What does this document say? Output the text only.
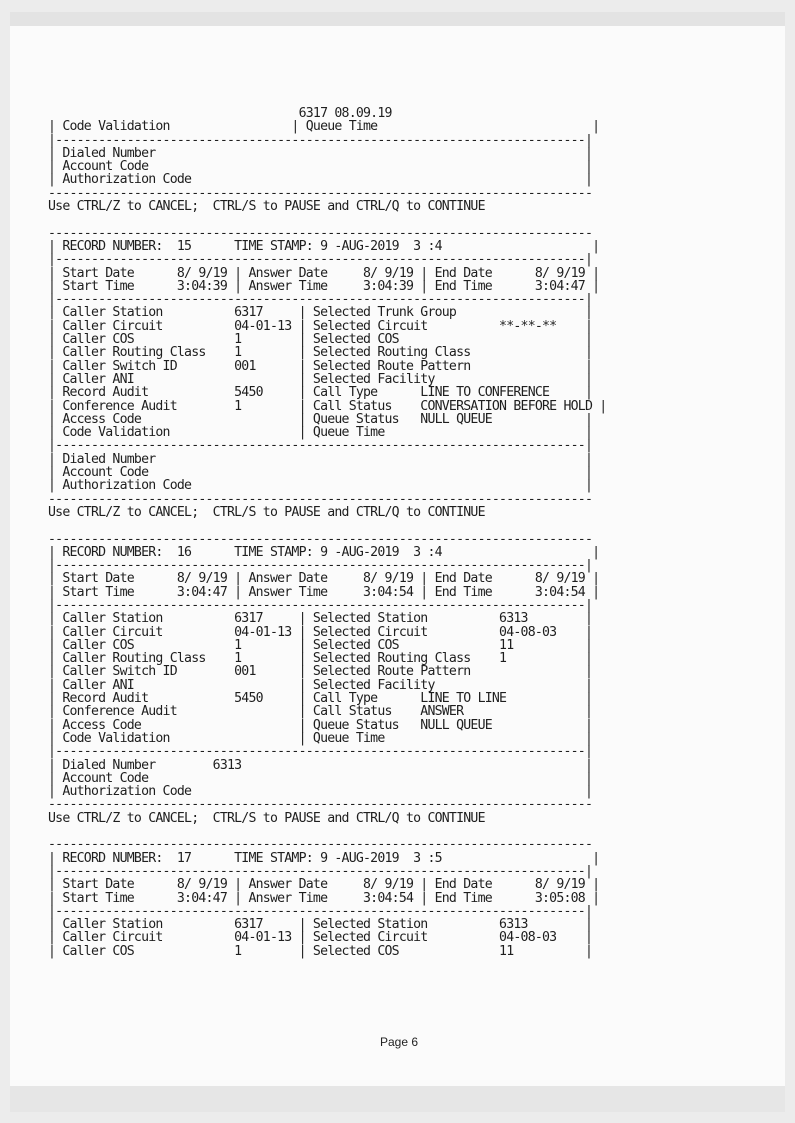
6317 08.09.19
| Code Validation                 | Queue Time                              |
|--------------------------------------------------------------------------|
| Dialed Number                                                            |
| Account Code                                                             |
| Authorization Code                                                       |
----------------------------------------------------------------------------
Use CTRL/Z to CANCEL;  CTRL/S to PAUSE and CTRL/Q to CONTINUE
----------------------------------------------------------------------------
| RECORD NUMBER:  15      TIME STAMP: 9 -AUG-2019  3 :4                     |
|--------------------------------------------------------------------------|
| Start Date      8/ 9/19 | Answer Date     8/ 9/19 | End Date      8/ 9/19 |
| Start Time      3:04:39 | Answer Time     3:04:39 | End Time      3:04:47 |
|--------------------------------------------------------------------------|
| Caller Station          6317     | Selected Trunk Group                  |
| Caller Circuit          04-01-13 | Selected Circuit          **-**-**    |
| Caller COS              1        | Selected COS                          |
| Caller Routing Class    1        | Selected Routing Class                |
| Caller Switch ID        001      | Selected Route Pattern                |
| Caller ANI                       | Selected Facility                     |
| Record Audit            5450     | Call Type      LINE TO CONFERENCE     |
| Conference Audit        1        | Call Status    CONVERSATION BEFORE HOLD |
| Access Code                      | Queue Status   NULL QUEUE             |
| Code Validation                  | Queue Time                            |
|--------------------------------------------------------------------------|
| Dialed Number                                                            |
| Account Code                                                             |
| Authorization Code                                                       |
----------------------------------------------------------------------------
Use CTRL/Z to CANCEL;  CTRL/S to PAUSE and CTRL/Q to CONTINUE
----------------------------------------------------------------------------
| RECORD NUMBER:  16      TIME STAMP: 9 -AUG-2019  3 :4                     |
|--------------------------------------------------------------------------|
| Start Date      8/ 9/19 | Answer Date     8/ 9/19 | End Date      8/ 9/19 |
| Start Time      3:04:47 | Answer Time     3:04:54 | End Time      3:04:54 |
|--------------------------------------------------------------------------|
| Caller Station          6317     | Selected Station          6313        |
| Caller Circuit          04-01-13 | Selected Circuit          04-08-03    |
| Caller COS              1        | Selected COS              11          |
| Caller Routing Class    1        | Selected Routing Class    1           |
| Caller Switch ID        001      | Selected Route Pattern                |
| Caller ANI                       | Selected Facility                     |
| Record Audit            5450     | Call Type      LINE TO LINE           |
| Conference Audit                 | Call Status    ANSWER                 |
| Access Code                      | Queue Status   NULL QUEUE             |
| Code Validation                  | Queue Time                            |
|--------------------------------------------------------------------------|
| Dialed Number        6313                                                |
| Account Code                                                             |
| Authorization Code                                                       |
----------------------------------------------------------------------------
Use CTRL/Z to CANCEL;  CTRL/S to PAUSE and CTRL/Q to CONTINUE
----------------------------------------------------------------------------
| RECORD NUMBER:  17      TIME STAMP: 9 -AUG-2019  3 :5                     |
|--------------------------------------------------------------------------|
| Start Date      8/ 9/19 | Answer Date     8/ 9/19 | End Date      8/ 9/19 |
| Start Time      3:04:47 | Answer Time     3:04:54 | End Time      3:05:08 |
|--------------------------------------------------------------------------|
| Caller Station          6317     | Selected Station          6313        |
| Caller Circuit          04-01-13 | Selected Circuit          04-08-03    |
| Caller COS              1        | Selected COS              11          |
Page 6
